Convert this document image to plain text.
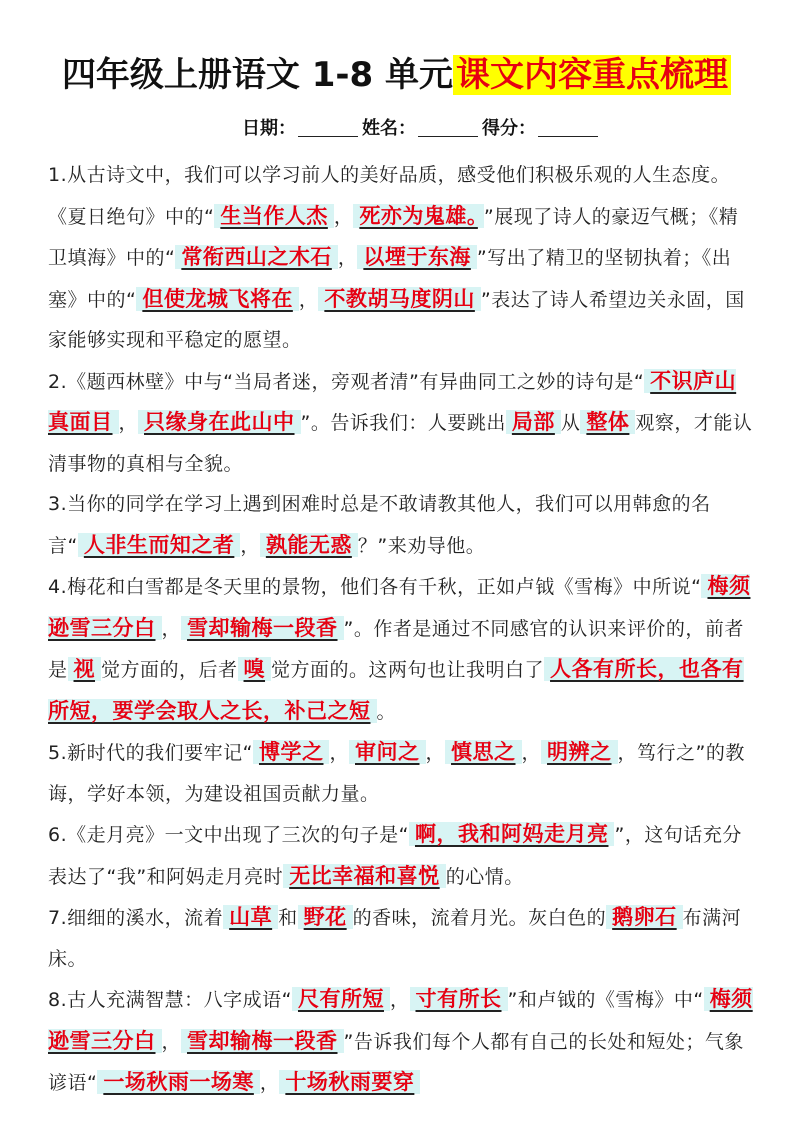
四年级上册语文 1-8 单元课文内容重点梳理
日期：	姓名：	得分：

1.从古诗文中，我们可以学习前人的美好品质，感受他们积极乐观的人生态度。《夏日绝句》中的“ 生当作人杰 ， 死亦为鬼雄。 ”展现了诗人的豪迈气概；《精卫填海》中的“ 常衔西山之木石 ， 以堙于东海 ”写出了精卫的坚韧执着；《出塞》中的“ 但使龙城飞将在 ， 不教胡马度阴山 ”表达了诗人希望边关永固，国家能够实现和平稳定的愿望。

2.《题西林壁》中与“当局者迷，旁观者清”有异曲同工之妙的诗句是“ 不识庐山真面目 ， 只缘身在此山中 ”。告诉我们：人要跳出 局部 从 整体 观察，才能认清事物的真相与全貌。

3.当你的同学在学习上遇到困难时总是不敢请教其他人，我们可以用韩愈的名言“ 人非生而知之者 ， 孰能无惑 ？”来劝导他。

4.梅花和白雪都是冬天里的景物，他们各有千秋，正如卢钺《雪梅》中所说“ 梅须逊雪三分白 ， 雪却输梅一段香 ”。作者是通过不同感官的认识来评价的，前者是 视 觉方面的，后者 嗅 觉方面的。这两句也让我明白了 人各有所长，也各有所短，要学会取人之长，补己之短 。

5.新时代的我们要牢记“ 博学之 ， 审问之 ， 慎思之 ， 明辨之 ，笃行之”的教诲，学好本领，为建设祖国贡献力量。

6.《走月亮》一文中出现了三次的句子是“ 啊，我和阿妈走月亮 ”，这句话充分表达了“我”和阿妈走月亮时 无比幸福和喜悦 的心情。

7.细细的溪水，流着 山草 和 野花 的香味，流着月光。灰白色的 鹅卵石 布满河床。

8.古人充满智慧：八字成语“ 尺有所短 ， 寸有所长 ”和卢钺的《雪梅》中“ 梅须逊雪三分白 ， 雪却输梅一段香 ”告诉我们每个人都有自己的长处和短处；气象谚语“ 一场秋雨一场寒 ， 十场秋雨要穿
